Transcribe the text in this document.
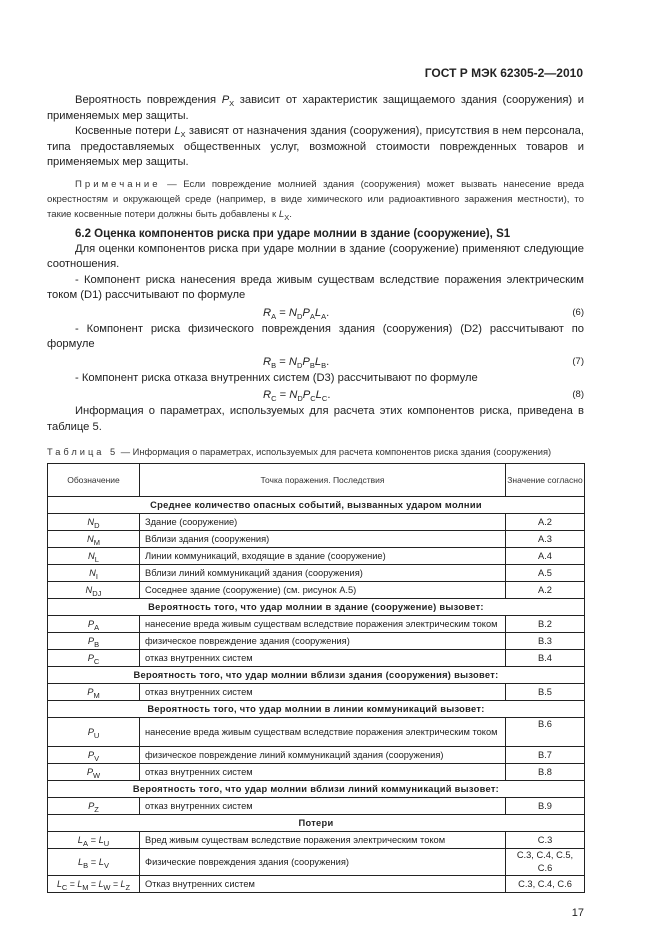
ГОСТ Р МЭК 62305-2—2010
Вероятность повреждения $P_X$ зависит от характеристик защищаемого здания (сооружения) и применяемых мер защиты.
Косвенные потери $L_X$ зависят от назначения здания (сооружения), присутствия в нем персонала, типа предоставляемых общественных услуг, возможной стоимости поврежденных товаров и применяемых мер защиты.
Примечание — Если повреждение молнией здания (сооружения) может вызвать нанесение вреда окрестностям и окружающей среде (например, в виде химического или радиоактивного заражения местности), то такие косвенные потери должны быть добавлены к $L_X$.
6.2 Оценка компонентов риска при ударе молнии в здание (сооружение), S1
Для оценки компонентов риска при ударе молнии в здание (сооружение) применяют следующие соотношения.
- Компонент риска нанесения вреда живым существам вследствие поражения электрическим током (D1) рассчитывают по формуле
$R_A = N_DP_AL_A$.	(6)
- Компонент риска физического повреждения здания (сооружения) (D2) рассчитывают по формуле
$R_B = N_DP_BL_B$.	(7)
- Компонент риска отказа внутренних систем (D3) рассчитывают по формуле
$R_C = N_DP_CL_C$.	(8)
Информация о параметрах, используемых для расчета этих компонентов риска, приведена в таблице 5.
Таблица 5 — Информация о параметрах, используемых для расчета компонентов риска здания (сооружения)
Обозначение	Точка поражения. Последствия	Значение согласно
Среднее количество опасных событий, вызванных ударом молнии		
$N_D$	Здание (сооружение)	A.2
$N_M$	Вблизи здания (сооружения)	A.3
$N_L$	Линии коммуникаций, входящие в здание (сооружение)	A.4
$N_I$	Вблизи линий коммуникаций здания (сооружения)	A.5
$N_{DJ}$	Соседнее здание (сооружение) (см. рисунок А.5)	A.2
Вероятность того, что удар молнии в здание (сооружение) вызовет:		
$P_A$	нанесение вреда живым существам вследствие поражения электрическим током	B.2
$P_B$	физическое повреждение здания (сооружения)	B.3
$P_C$	отказ внутренних систем	B.4
Вероятность того, что удар молнии вблизи здания (сооружения) вызовет:		
$P_M$	отказ внутренних систем	B.5
Вероятность того, что удар молнии в линии коммуникаций вызовет:		
$P_U$	нанесение вреда живым существам вследствие поражения электрическим током	B.6
$P_V$	физическое повреждение линий коммуникаций здания (сооружения)	B.7
$P_W$	отказ внутренних систем	B.8
Вероятность того, что удар молнии вблизи линий коммуникаций вызовет:		
$P_Z$	отказ внутренних систем	B.9
Потери		
$L_A = L_U$	Вред живым существам вследствие поражения электрическим током	C.3
$L_B = L_V$	Физические повреждения здания (сооружения)	C.3, C.4, C.5, C.6
$L_C = L_M = L_W = L_Z$	Отказ внутренних систем	C.3, C.4, C.6
17
